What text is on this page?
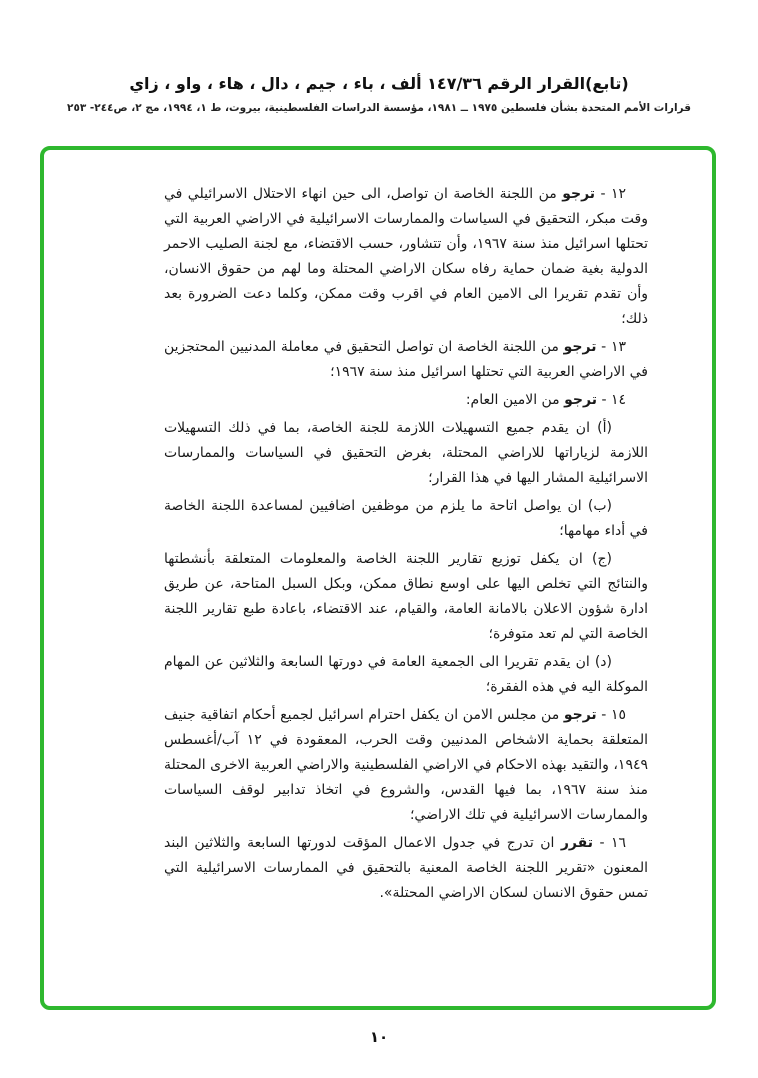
(تابع)القرار الرقم ١٤٧/٣٦ ألف ، باء ، جيم ، دال ، هاء ، واو ، زاي
قرارات الأمم المتحدة بشأن فلسطين ١٩٧٥ ــ ١٩٨١، مؤسسة الدراسات الفلسطينية، بيروت، ط ١، ١٩٩٤، مج ٢، ص٢٤٤- ٢٥٣

١٢ - ترجو من اللجنة الخاصة ان تواصل، الى حين انهاء الاحتلال الاسرائيلي في وقت مبكر، التحقيق في السياسات والممارسات الاسرائيلية في الاراضي العربية التي تحتلها اسرائيل منذ سنة ١٩٦٧، وأن تتشاور، حسب الاقتضاء، مع لجنة الصليب الاحمر الدولية بغية ضمان حماية رفاه سكان الاراضي المحتلة وما لهم من حقوق الانسان، وأن تقدم تقريرا الى الامين العام في اقرب وقت ممكن، وكلما دعت الضرورة بعد ذلك؛

١٣ - ترجو من اللجنة الخاصة ان تواصل التحقيق في معاملة المدنيين المحتجزين في الاراضي العربية التي تحتلها اسرائيل منذ سنة ١٩٦٧؛

١٤ - ترجو من الامين العام:

(أ) ان يقدم جميع التسهيلات اللازمة للجنة الخاصة، بما في ذلك التسهيلات اللازمة لزياراتها للاراضي المحتلة، بغرض التحقيق في السياسات والممارسات الاسرائيلية المشار اليها في هذا القرار؛

(ب) ان يواصل اتاحة ما يلزم من موظفين اضافيين لمساعدة اللجنة الخاصة في أداء مهامها؛

(ج) ان يكفل توزيع تقارير اللجنة الخاصة والمعلومات المتعلقة بأنشطتها والنتائج التي تخلص اليها على اوسع نطاق ممكن، وبكل السبل المتاحة، عن طريق ادارة شؤون الاعلان بالامانة العامة، والقيام، عند الاقتضاء، باعادة طبع تقارير اللجنة الخاصة التي لم تعد متوفرة؛

(د) ان يقدم تقريرا الى الجمعية العامة في دورتها السابعة والثلاثين عن المهام الموكلة اليه في هذه الفقرة؛

١٥ - ترجو من مجلس الامن ان يكفل احترام اسرائيل لجميع أحكام اتفاقية جنيف المتعلقة بحماية الاشخاص المدنيين وقت الحرب، المعقودة في ١٢ آب/أغسطس ١٩٤٩، والتقيد بهذه الاحكام في الاراضي الفلسطينية والاراضي العربية الاخرى المحتلة منذ سنة ١٩٦٧، بما فيها القدس، والشروع في اتخاذ تدابير لوقف السياسات والممارسات الاسرائيلية في تلك الاراضي؛

١٦ - تقرر ان تدرج في جدول الاعمال المؤقت لدورتها السابعة والثلاثين البند المعنون «تقرير اللجنة الخاصة المعنية بالتحقيق في الممارسات الاسرائيلية التي تمس حقوق الانسان لسكان الاراضي المحتلة».

١٠
